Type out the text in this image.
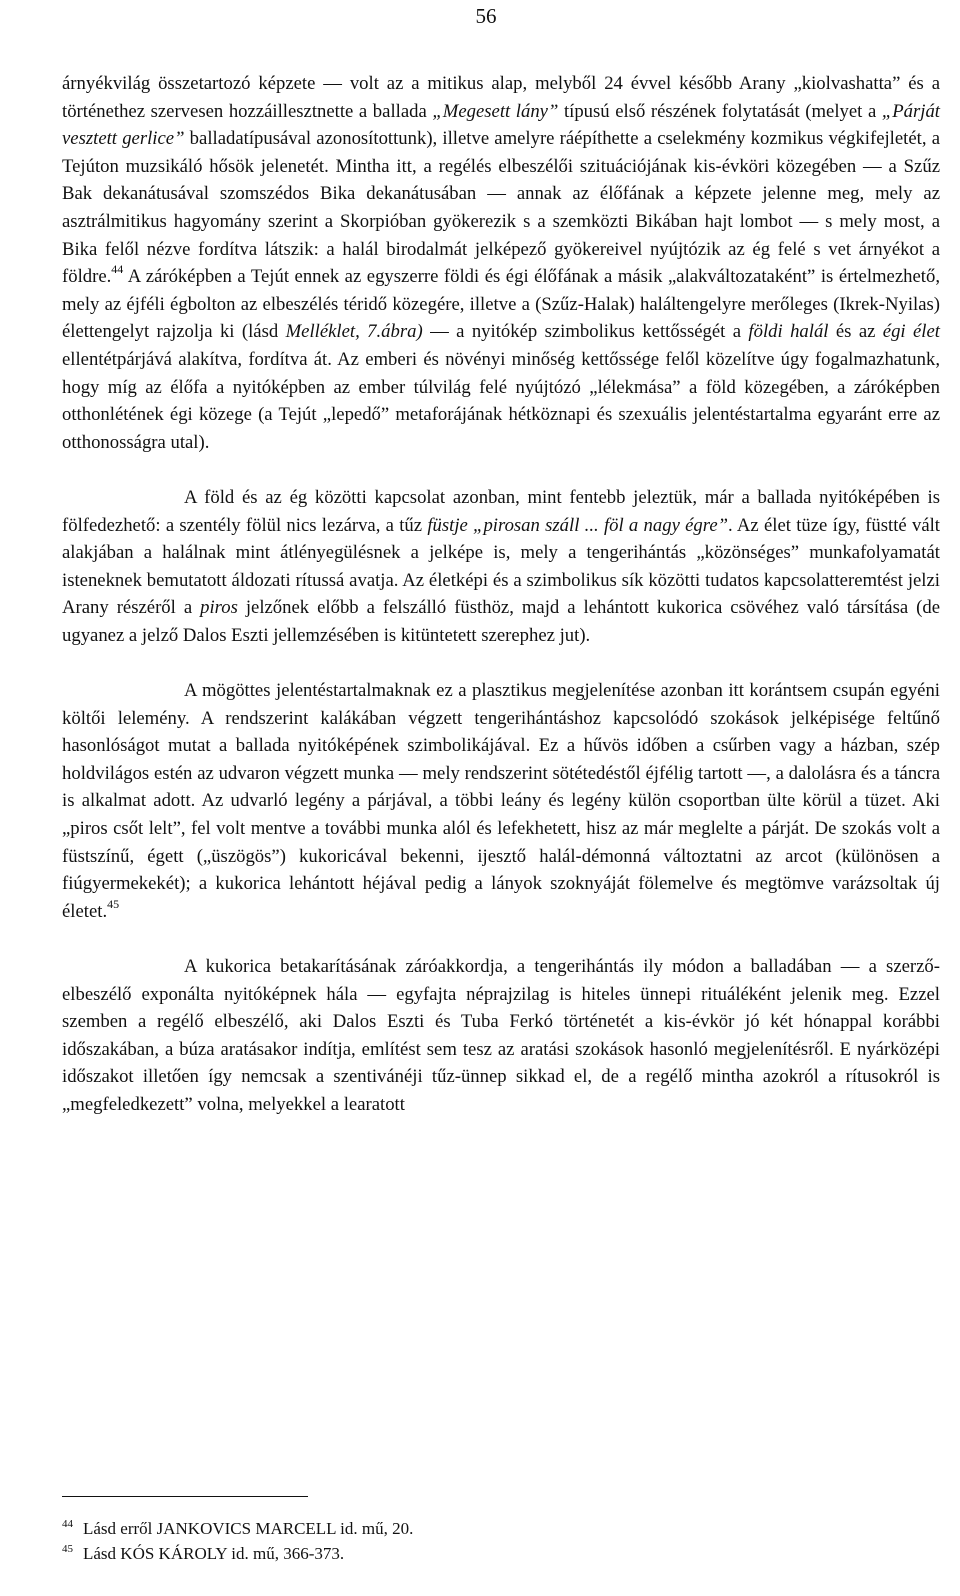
56

árnyékvilág összetartozó képzete — volt az a mitikus alap, melyből 24 évvel később Arany „kiolvashatta” és a történethez szervesen hozzáillesztnette a ballada „Megesett lány” típusú első részének folytatását (melyet a „Párját vesztett gerlice” balladatípusával azonosítottunk), illetve amelyre ráépíthette a cselekmény kozmikus végkifejletét, a Tejúton muzsikáló hősök jelenetét. Mintha itt, a regélés elbeszélői szituációjának kis-évköri közegében — a Szűz Bak dekanátusával szomszédos Bika dekanátusában — annak az élőfának a képzete jelenne meg, mely az asztrálmitikus hagyomány szerint a Skorpióban gyökerezik s a szemközti Bikában hajt lombot — s mely most, a Bika felől nézve fordítva látszik: a halál birodalmát jelképező gyökereivel nyújtózik az ég felé s vet árnyékot a földre.$^{44}$ A záróképben a Tejút ennek az egyszerre földi és égi élőfának a másik „alakváltozataként” is értelmezhető, mely az éjféli égbolton az elbeszélés téridő közegére, illetve a (Szűz-Halak) haláltengelyre merőleges (Ikrek-Nyilas) élettengelyt rajzolja ki (lásd Melléklet, 7.ábra) — a nyitókép szimbolikus kettősségét a földi halál és az égi élet ellentétpárjává alakítva, fordítva át. Az emberi és növényi minőség kettőssége felől közelítve úgy fogalmazhatunk, hogy míg az élőfa a nyitóképben az ember túlvilág felé nyújtózó „lélekmása” a föld közegében, a záróképben otthonlétének égi közege (a Tejút „lepedő” metaforájának hétköznapi és szexuális jelentéstartalma egyaránt erre az otthonosságra utal).

A föld és az ég közötti kapcsolat azonban, mint fentebb jeleztük, már a ballada nyitóképében is fölfedezhető: a szentély fölül nics lezárva, a tűz füstje „pirosan száll ... föl a nagy égre”. Az élet tüze így, füstté vált alakjában a halálnak mint átlényegülésnek a jelképe is, mely a tengerihántás „közönséges” munkafolyamatát isteneknek bemutatott áldozati rítussá avatja. Az életképi és a szimbolikus sík közötti tudatos kapcsolatteremtést jelzi Arany részéről a piros jelzőnek előbb a felszálló füsthöz, majd a lehántott kukorica csövéhez való társítása (de ugyanez a jelző Dalos Eszti jellemzésében is kitüntetett szerephez jut).

A mögöttes jelentéstartalmaknak ez a plasztikus megjelenítése azonban itt korántsem csupán egyéni költői lelemény. A rendszerint kalákában végzett tengerihántáshoz kapcsolódó szokások jelképisége feltűnő hasonlóságot mutat a ballada nyitóképének szimbolikájával. Ez a hűvös időben a csűrben vagy a házban, szép holdvilágos estén az udvaron végzett munka — mely rendszerint sötétedéstől éjfélig tartott —, a dalolásra és a táncra is alkalmat adott. Az udvarló legény a párjával, a többi leány és legény külön csoportban ülte körül a tüzet. Aki „piros csőt lelt”, fel volt mentve a további munka alól és lefekhetett, hisz az már meglelte a párját. De szokás volt a füstszínű, égett („üszögös”) kukoricával bekenni, ijesztő halál-démonná változtatni az arcot (különösen a fiúgyermekekét); a kukorica lehántott héjával pedig a lányok szoknyáját fölemelve és megtömve varázsoltak új életet.$^{45}$

A kukorica betakarításának záróakkordja, a tengerihántás ily módon a balladában — a szerző-elbeszélő exponálta nyitóképnek hála — egyfajta néprajzilag is hiteles ünnepi rituáléként jelenik meg. Ezzel szemben a regélő elbeszélő, aki Dalos Eszti és Tuba Ferkó történetét a kis-évkör jó két hónappal korábbi időszakában, a búza aratásakor indítja, említést sem tesz az aratási szokások hasonló megjelenítésről. E nyárközépi időszakot illetően így nemcsak a szentivánéji tűz-ünnep sikkad el, de a regélő mintha azokról a rítusokról is „megfeledkezett” volna, melyekkel a learatott

$^{44}$ Lásd erről JANKOVICS MARCELL id. mű, 20.

$^{45}$ Lásd KÓS KÁROLY id. mű, 366-373.
